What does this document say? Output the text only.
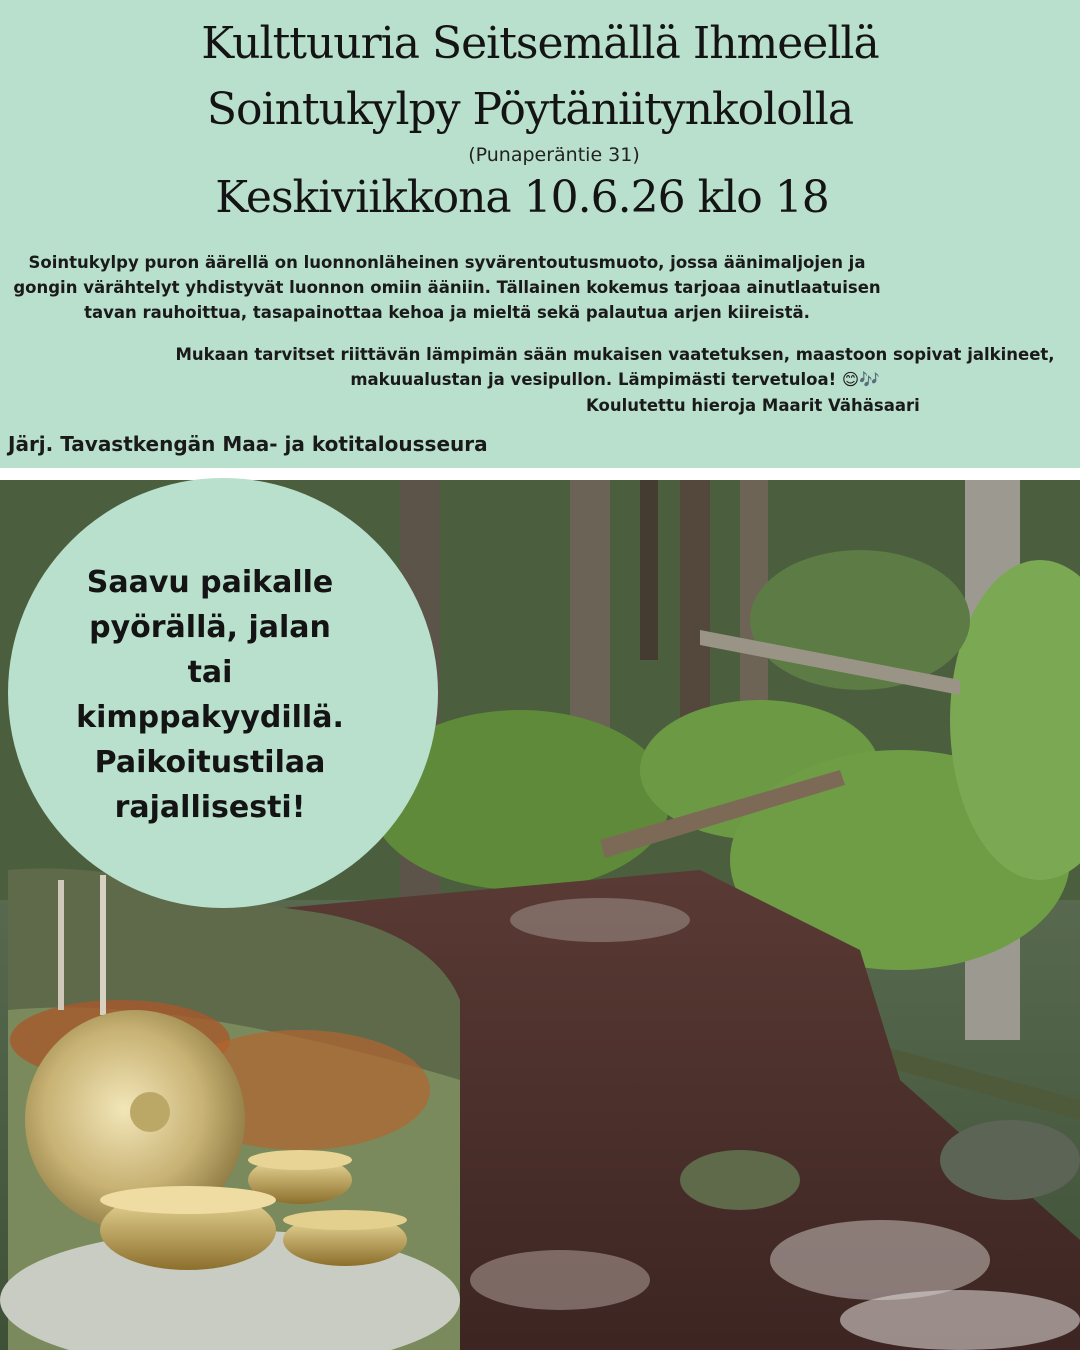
Kulttuuria Seitsemällä Ihmeellä
Sointukylpy Pöytäniitynkololla
(Punaperäntie 31)
Keskiviikkona 10.6.26 klo 18

Sointukylpy puron äärellä on luonnonläheinen syvärentoutusmuoto, jossa äänimaljojen ja
gongin värähtelyt yhdistyvät luonnon omiin ääniin. Tällainen kokemus tarjoaa ainutlaatuisen
tavan rauhoittua, tasapainottaa kehoa ja mieltä sekä palautua arjen kiireistä.

Mukaan tarvitset riittävän lämpimän sään mukaisen vaatetuksen, maastoon sopivat jalkineet,
makuualustan ja vesipullon. Lämpimästi tervetuloa! 😊🎶

Koulutettu hieroja Maarit Vähäsaari
Järj. Tavastkengän Maa- ja kotitalousseura
Saavu paikalle
pyörällä, jalan
tai
kimppakyydillä.
Paikoitustilaa
rajallisesti!
